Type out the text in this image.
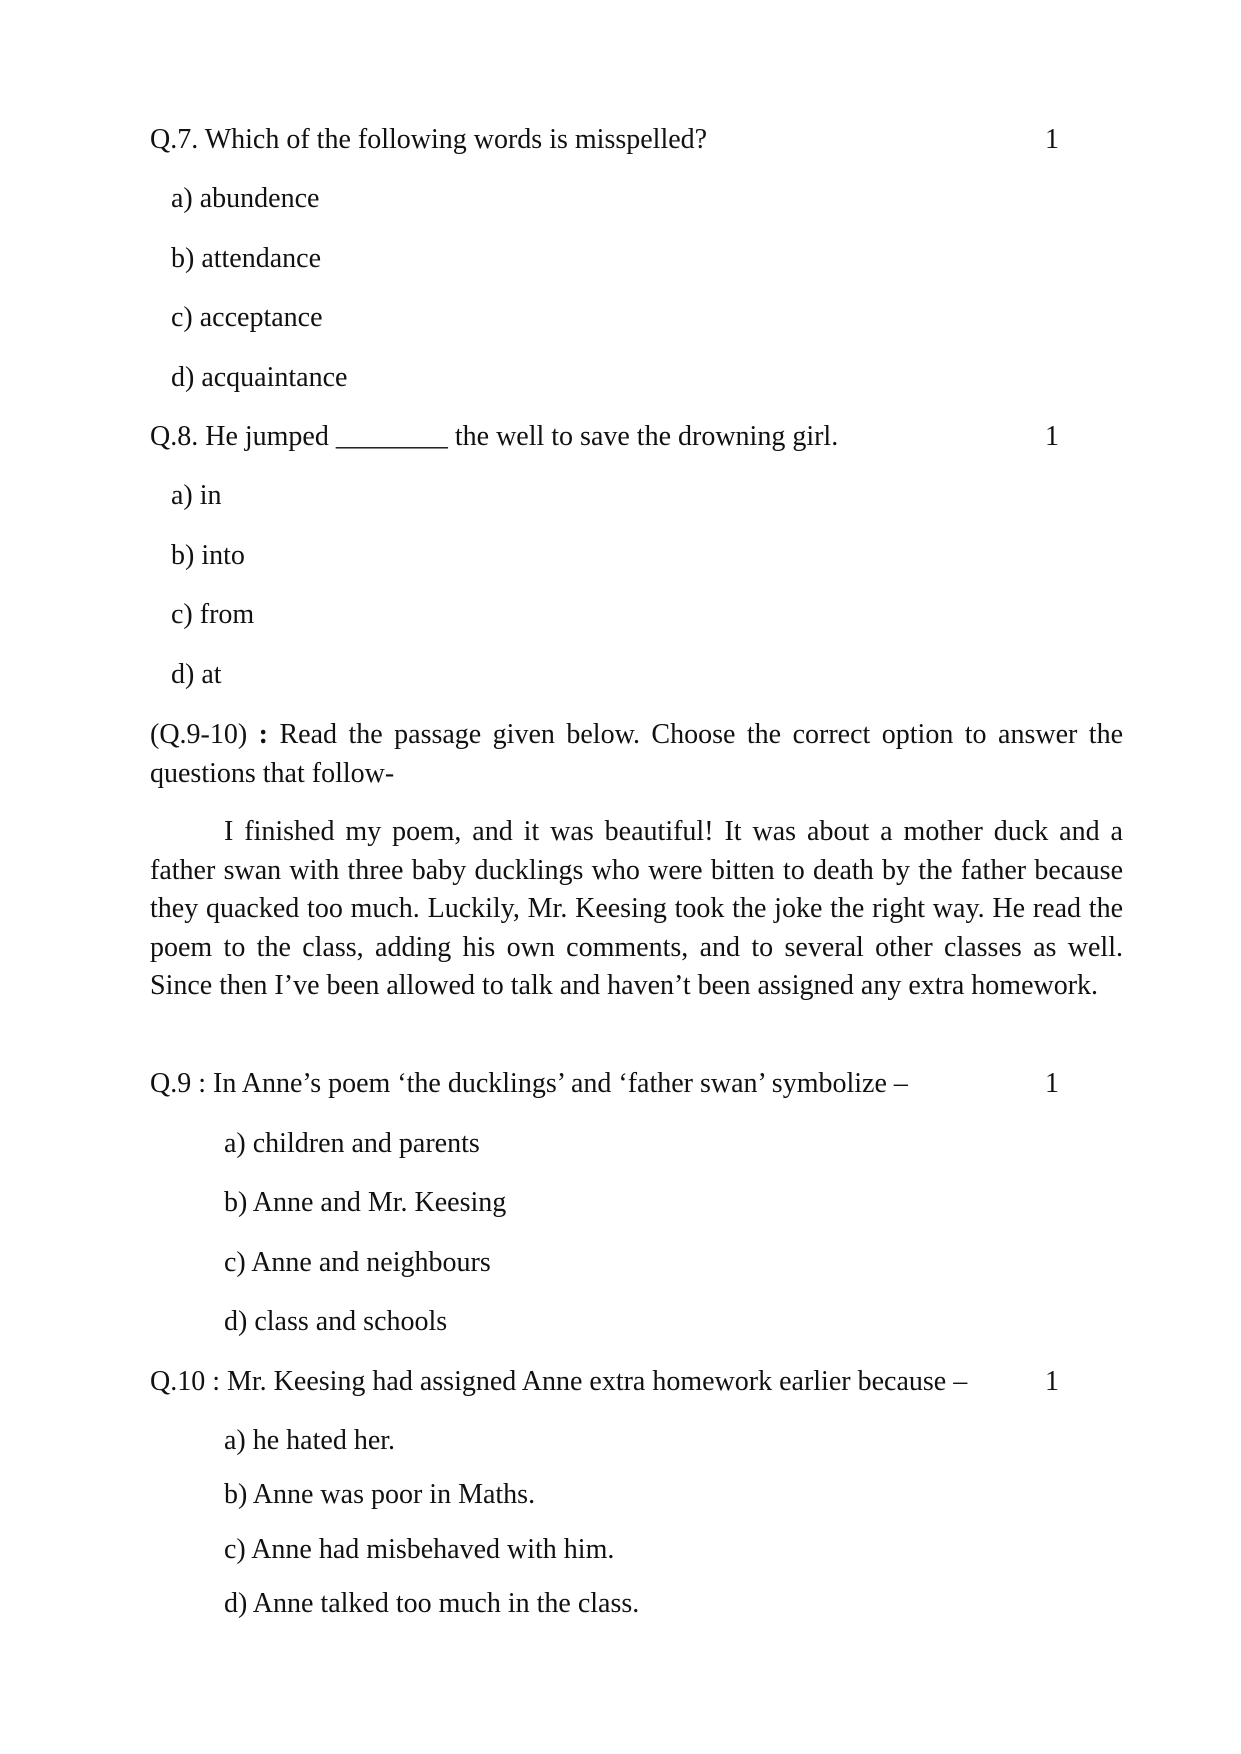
Q.7. Which of the following words is misspelled?	1
a) abundence
b) attendance
c) acceptance
d) acquaintance
Q.8. He jumped ________ the well to save the drowning girl.	1
a) in
b) into
c) from
d) at
(Q.9-10) : Read the passage given below. Choose the correct option to answer the questions that follow-
I finished my poem, and it was beautiful! It was about a mother duck and a father swan with three baby ducklings who were bitten to death by the father because they quacked too much. Luckily, Mr. Keesing took the joke the right way. He read the poem to the class, adding his own comments, and to several other classes as well. Since then I’ve been allowed to talk and haven’t been assigned any extra homework.
Q.9 : In Anne’s poem ‘the ducklings’ and ‘father swan’ symbolize –	1
a) children and parents
b) Anne and Mr. Keesing
c) Anne and neighbours
d) class and schools
Q.10 : Mr. Keesing had assigned Anne extra homework earlier because –	1
a) he hated her.
b) Anne was poor in Maths.
c) Anne had misbehaved with him.
d) Anne talked too much in the class.
